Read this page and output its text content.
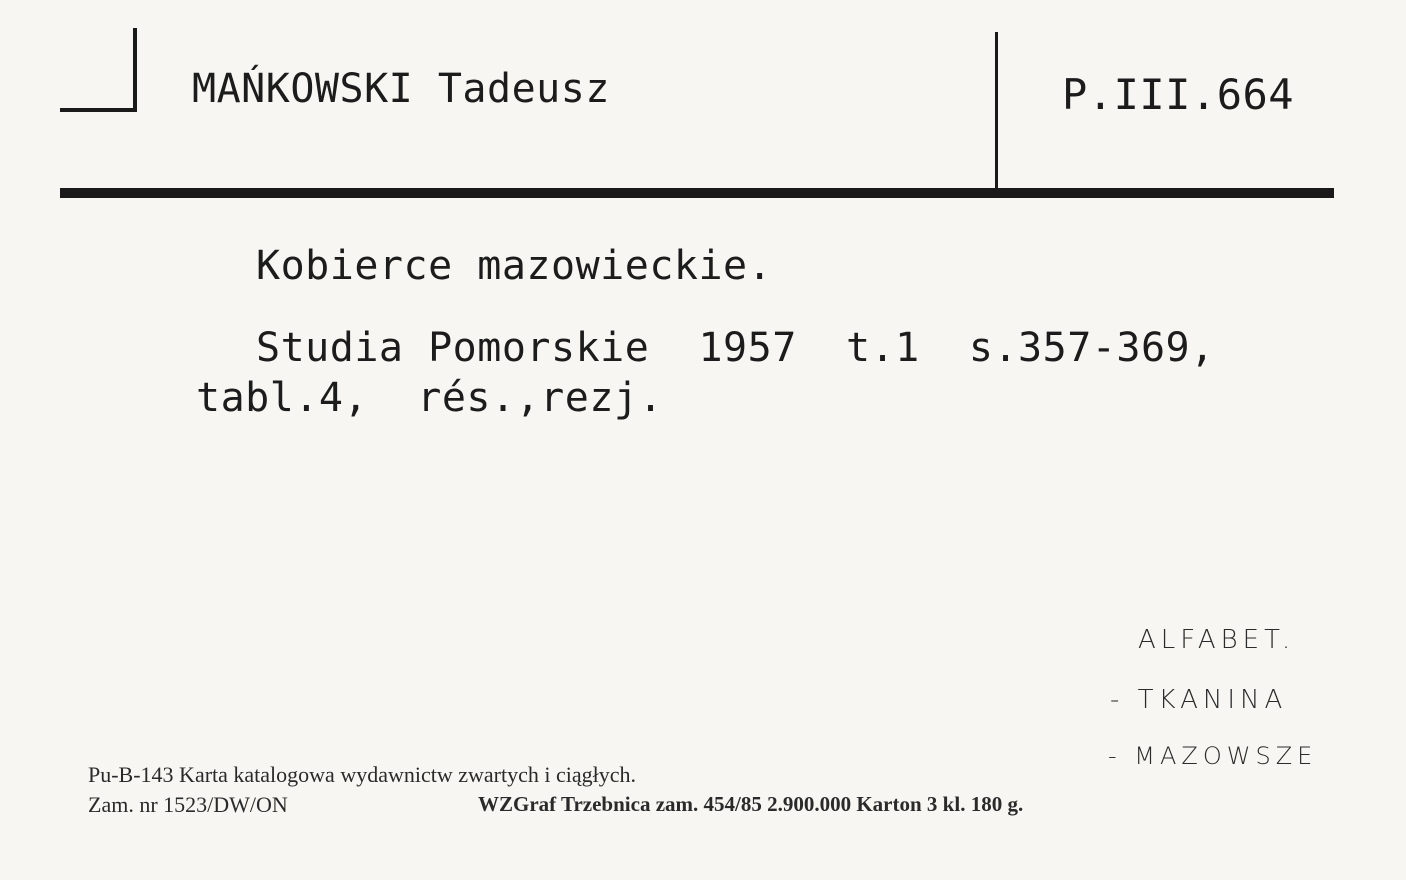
MAŃKOWSKI Tadeusz	P.III.664
Kobierce mazowieckie.
Studia Pomorskie  1957  t.1  s.357-369,
tabl.4,  rés.,rezj.
ALFABET.
- TKANINA
- MAZOWSZE
Pu-B-143 Karta katalogowa wydawnictw zwartych i ciągłych.
Zam. nr 1523/DW/ON	WZGraf Trzebnica zam. 454/85 2.900.000 Karton 3 kl. 180 g.
